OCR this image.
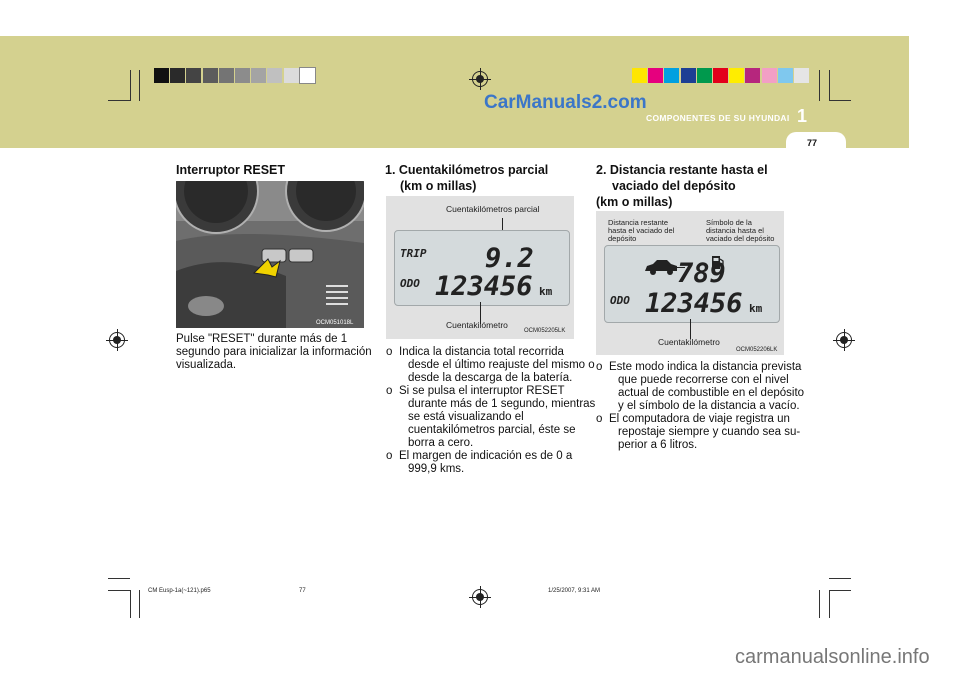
CarManuals2.com
COMPONENTES DE SU HYUNDAI 1
77
Interruptor RESET
OCM051018L
Pulse "RESET" durante más de 1
segundo para inicializar la información
visualizada.
1. Cuentakilómetros parcial
(km o millas)
Cuentakilómetros parcial
TRIP 9.2
ODO 123456 km
Cuentakilómetro
OCM052205LK
o Indica la distancia total recorrida
desde el último reajuste del mismo o
desde la descarga de la batería.
o Si se pulsa el interruptor RESET
durante más de 1 segundo, mientras
se está visualizando el
cuentakilómetros parcial, éste se
borra a cero.
o El margen de indicación es de 0 a
999,9 kms.
2. Distancia restante hasta el
vaciado del depósito
(km o millas)
Distancia restante
hasta el vaciado del
depósito
Símbolo de la
distancia hasta el
vaciado del depósito
789
ODO 123456 km
Cuentakilómetro
OCM052206LK
o Este modo indica la distancia prevista
que puede recorrerse con el nivel
actual de combustible en el depósito
y el símbolo de la distancia a vacío.
o El computadora de viaje registra un
repostaje siempre y cuando sea su-
perior a 6 litros.
CM Eusp-1a(~121).p65	77	1/25/2007, 9:31 AM
carmanualsonline.info
